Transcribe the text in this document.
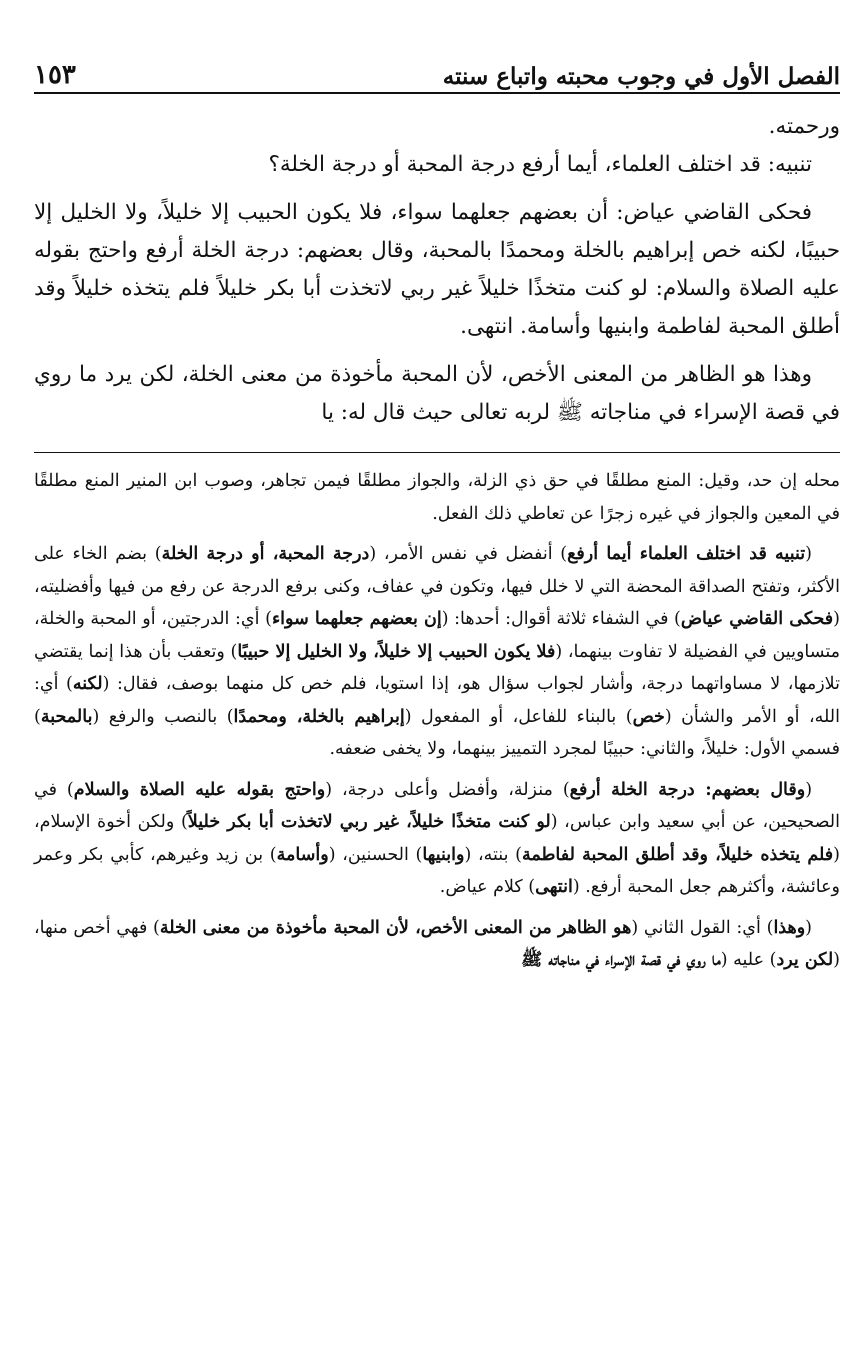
الفصل الأول في وجوب محبته واتباع سنته
١٥٣

ورحمته.

تنبيه: قد اختلف العلماء، أيما أرفع درجة المحبة أو درجة الخلة؟

فحكى القاضي عياض: أن بعضهم جعلهما سواء، فلا يكون الحبيب إلا خليلاً، ولا الخليل إلا حبيبًا، لكنه خص إبراهيم بالخلة ومحمدًا بالمحبة، وقال بعضهم: درجة الخلة أرفع واحتج بقوله عليه الصلاة والسلام: لو كنت متخذًا خليلاً غير ربي لاتخذت أبا بكر خليلاً فلم يتخذه خليلاً وقد أطلق المحبة لفاطمة وابنيها وأسامة. انتهى.

وهذا هو الظاهر من المعنى الأخص، لأن المحبة مأخوذة من معنى الخلة، لكن يرد ما روي في قصة الإسراء في مناجاته ﷺ لربه تعالى حيث قال له: يا

محله إن حد، وقيل: المنع مطلقًا في حق ذي الزلة، والجواز مطلقًا فيمن تجاهر، وصوب ابن المنير المنع مطلقًا في المعين والجواز في غيره زجرًا عن تعاطي ذلك الفعل.

(تنبيه قد اختلف العلماء أيما أرفع) أنفضل في نفس الأمر، (درجة المحبة، أو درجة الخلة) بضم الخاء على الأكثر، وتفتح الصداقة المحضة التي لا خلل فيها، وتكون في عفاف، وكنى برفع الدرجة عن رفع من فيها وأفضليته، (فحكى القاضي عياض) في الشفاء ثلاثة أقوال: أحدها: (إن بعضهم جعلهما سواء) أي: الدرجتين، أو المحبة والخلة، متساويين في الفضيلة لا تفاوت بينهما، (فلا يكون الحبيب إلا خليلاً، ولا الخليل إلا حبيبًا) وتعقب بأن هذا إنما يقتضي تلازمها، لا مساواتهما درجة، وأشار لجواب سؤال هو، إذا استويا، فلم خص كل منهما بوصف، فقال: (لكنه) أي: الله، أو الأمر والشأن (خص) بالبناء للفاعل، أو المفعول (إبراهيم بالخلة، ومحمدًا) بالنصب والرفع (بالمحبة) فسمي الأول: خليلاً، والثاني: حبيبًا لمجرد التمييز بينهما، ولا يخفى ضعفه.

(وقال بعضهم: درجة الخلة أرفع) منزلة، وأفضل وأعلى درجة، (واحتج بقوله عليه الصلاة والسلام) في الصحيحين، عن أبي سعيد وابن عباس، (لو كنت متخذًا خليلاً، غير ربي لاتخذت أبا بكر خليلاً) ولكن أخوة الإسلام، (فلم يتخذه خليلاً، وقد أطلق المحبة لفاطمة) بنته، (وابنيها) الحسنين، (وأسامة) بن زيد وغيرهم، كأبي بكر وعمر وعائشة، وأكثرهم جعل المحبة أرفع. (انتهى) كلام عياض.

(وهذا) أي: القول الثاني (هو الظاهر من المعنى الأخص، لأن المحبة مأخوذة من معنى الخلة) فهي أخص منها، (لكن يرد) عليه (ما روي في قصة الإسراء في مناجاته ﷺ
